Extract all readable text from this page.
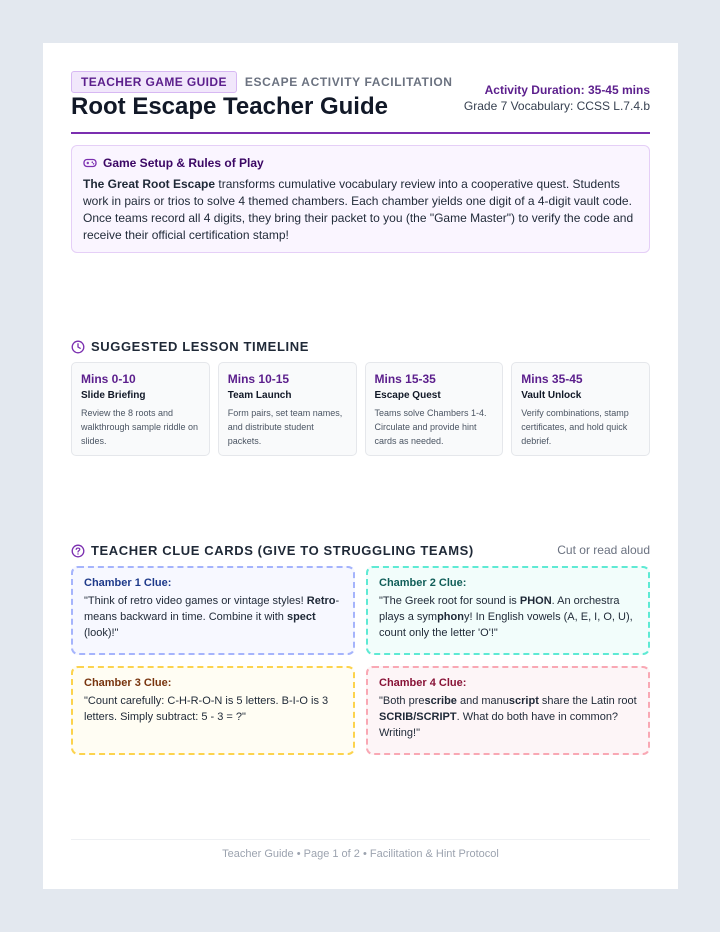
TEACHER GAME GUIDE	ESCAPE ACTIVITY FACILITATION
Root Escape Teacher Guide
Activity Duration: 35-45 mins
Grade 7 Vocabulary: CCSS L.7.4.b
Game Setup & Rules of Play
The Great Root Escape transforms cumulative vocabulary review into a cooperative quest. Students work in pairs or trios to solve 4 themed chambers. Each chamber yields one digit of a 4-digit vault code. Once teams record all 4 digits, they bring their packet to you (the "Game Master") to verify the code and receive their official certification stamp!
SUGGESTED LESSON TIMELINE
Mins 0-10
Slide Briefing
Review the 8 roots and walkthrough sample riddle on slides.
Mins 10-15
Team Launch
Form pairs, set team names, and distribute student packets.
Mins 15-35
Escape Quest
Teams solve Chambers 1-4. Circulate and provide hint cards as needed.
Mins 35-45
Vault Unlock
Verify combinations, stamp certificates, and hold quick debrief.
TEACHER CLUE CARDS (GIVE TO STRUGGLING TEAMS)	Cut or read aloud
Chamber 1 Clue:
"Think of retro video games or vintage styles! Retro- means backward in time. Combine it with spect (look)!"
Chamber 2 Clue:
"The Greek root for sound is PHON. An orchestra plays a symphony! In English vowels (A, E, I, O, U), count only the letter 'O'!"
Chamber 3 Clue:
"Count carefully: C-H-R-O-N is 5 letters. B-I-O is 3 letters. Simply subtract: 5 - 3 = ?"
Chamber 4 Clue:
"Both prescribe and manuscript share the Latin root SCRIB/SCRIPT. What do both have in common? Writing!"
Teacher Guide • Page 1 of 2 • Facilitation & Hint Protocol
